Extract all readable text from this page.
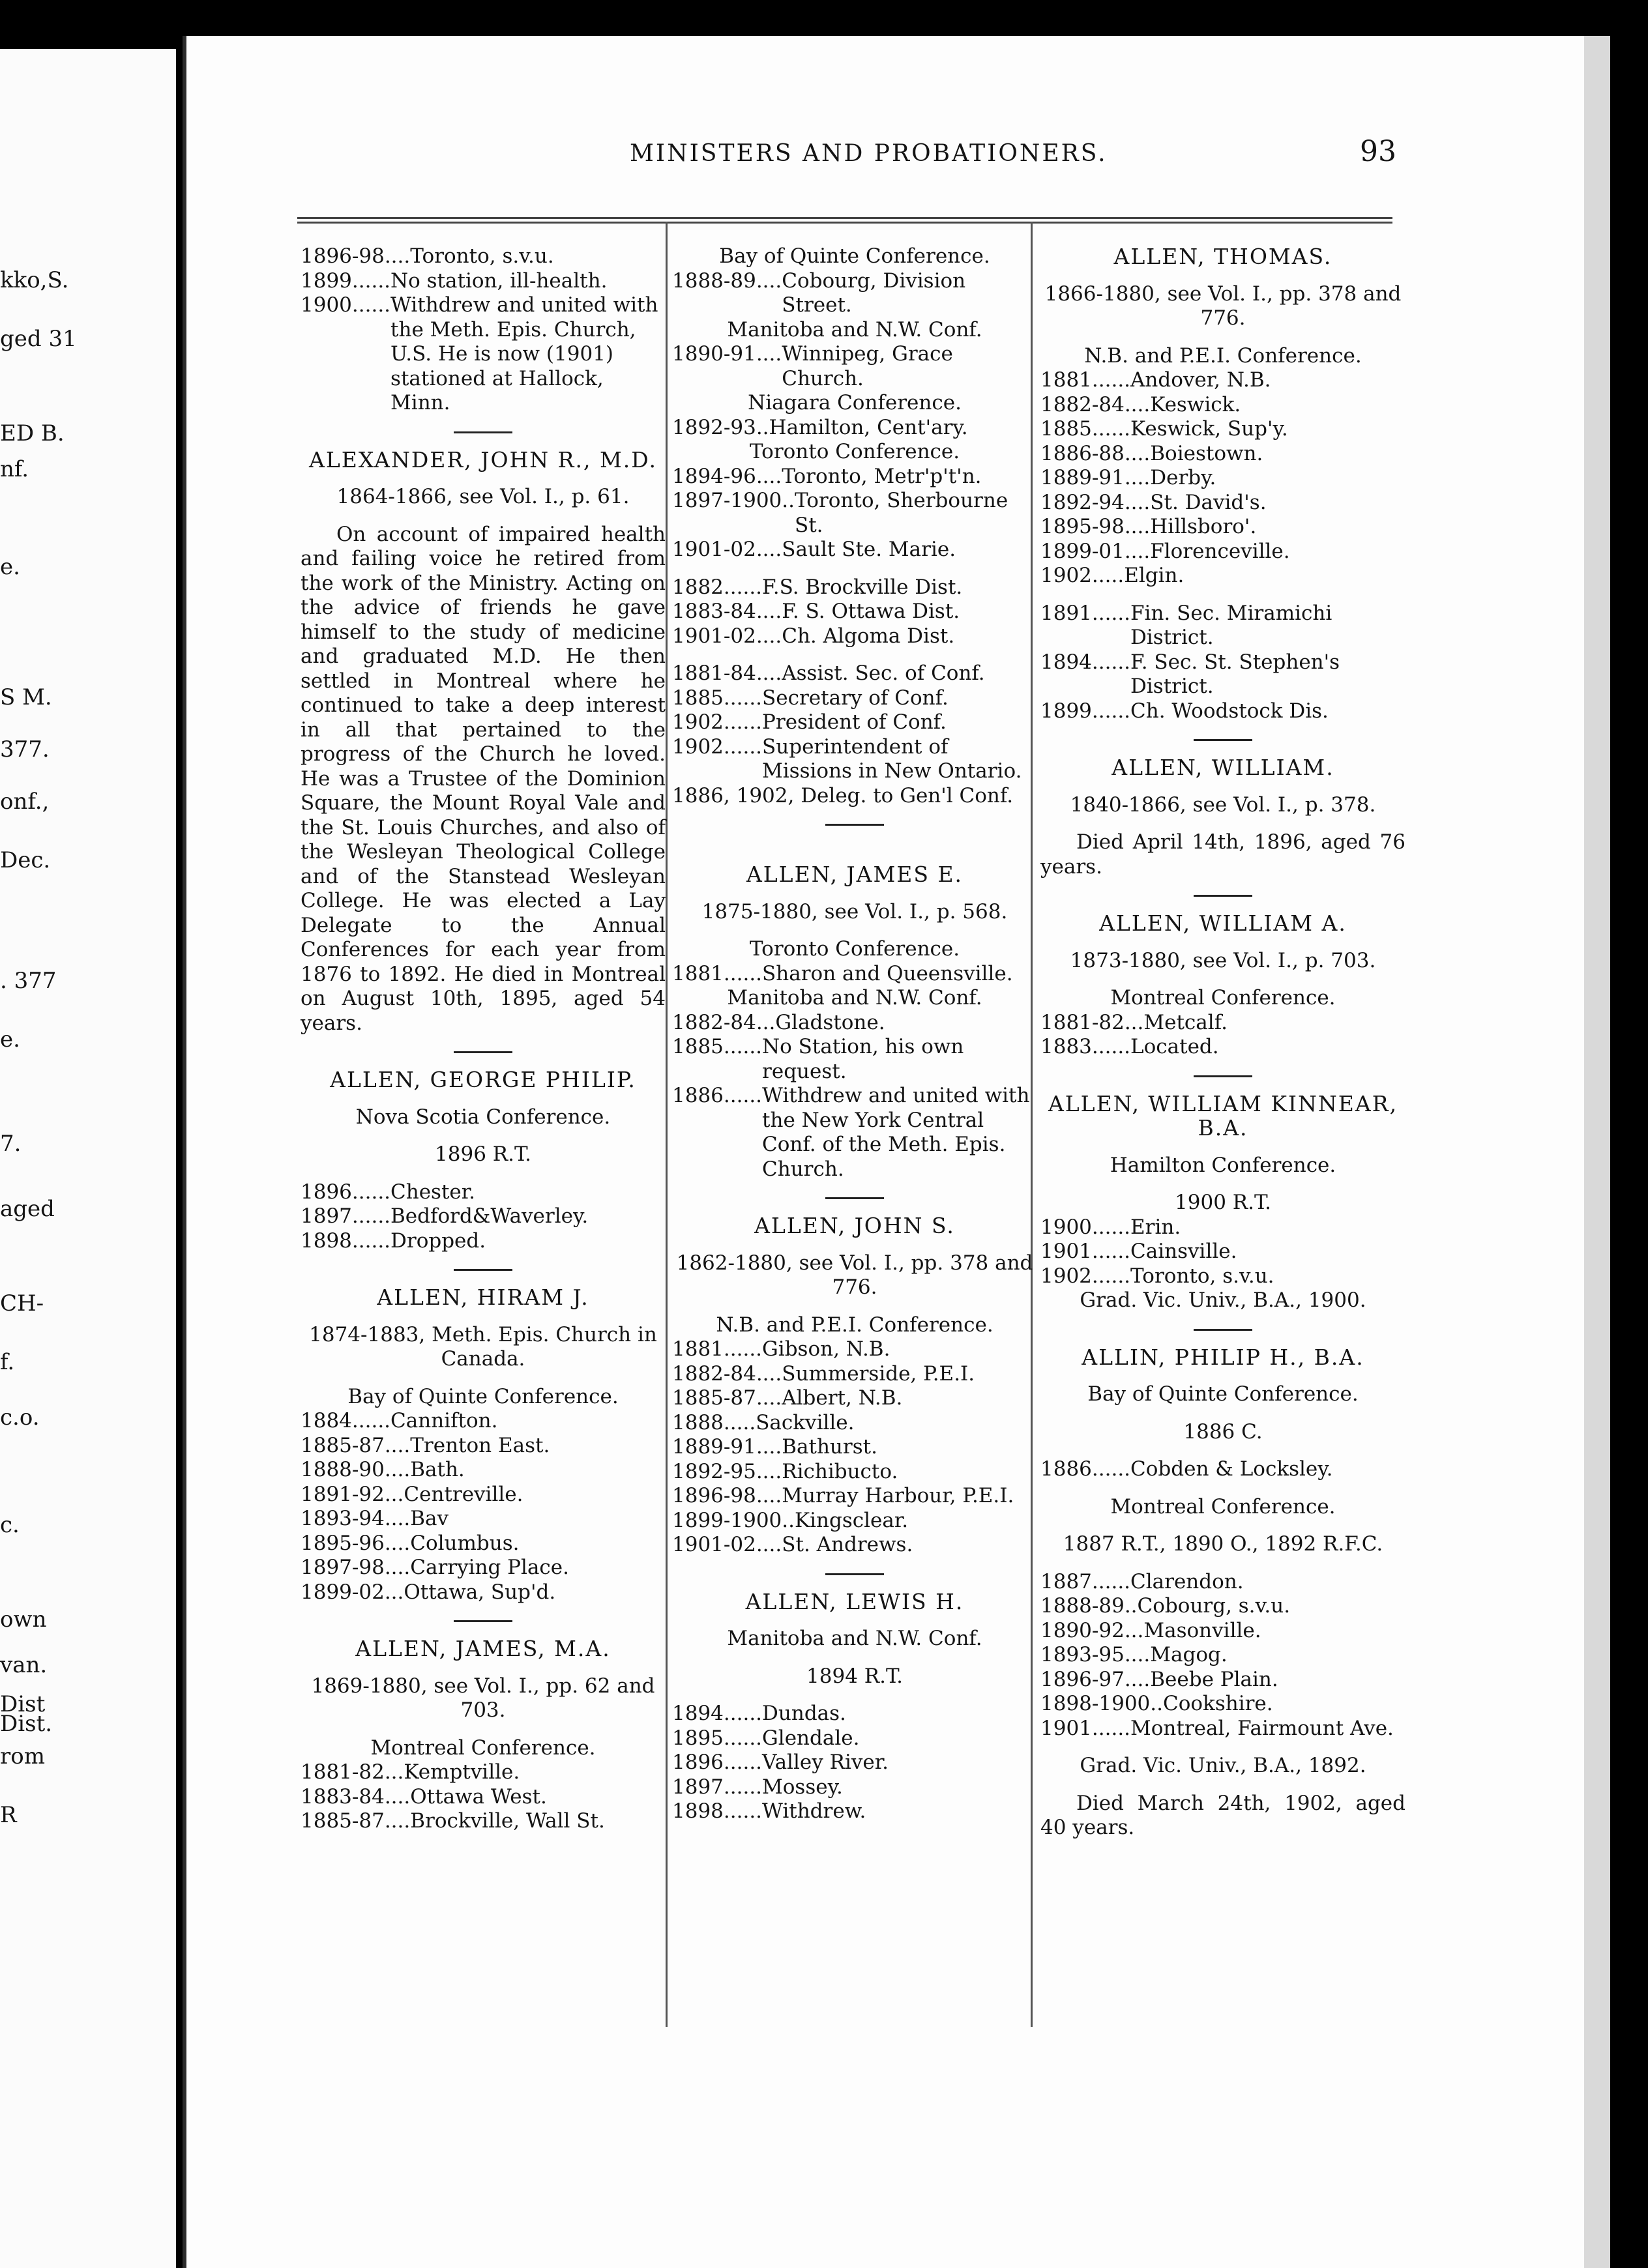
kko,S.
ged 31
ED B.
nf.
e.
S M.
377.
onf.,
Dec.
. 377
e.
7.
aged
CH-
f.
c.o.
c.
own
van.
Dist
Dist.
rom
R
MINISTERS AND PROBATIONERS.	93
1896-98 .... Toronto, s.v.u.
1899 ...... No station, ill-health.
1900 ...... Withdrew and united with the Meth. Epis. Church, U.S. He is now (1901) stationed at Hallock, Minn.
ALEXANDER, JOHN R., M.D.
1864-1866, see Vol. I., p. 61.
On account of impaired health and failing voice he retired from the work of the Ministry. Acting on the advice of friends he gave himself to the study of medicine and graduated M.D. He then settled in Montreal where he continued to take a deep interest in all that pertained to the progress of the Church he loved. He was a Trustee of the Dominion Square, the Mount Royal Vale and the St. Louis Churches, and also of the Wesleyan Theological College and of the Stanstead Wesleyan College. He was elected a Lay Delegate to the Annual Conferences for each year from 1876 to 1892. He died in Montreal on August 10th, 1895, aged 54 years.
ALLEN, GEORGE PHILIP.
Nova Scotia Conference.
1896 R.T.
1896 ...... Chester.
1897 ...... Bedford&Waverley.
1898 ...... Dropped.
ALLEN, HIRAM J.
1874-1883, Meth. Epis. Church in Canada.
Bay of Quinte Conference.
1884 ...... Cannifton.
1885-87 .... Trenton East.
1888-90 .... Bath.
1891-92 ... Centreville.
1893-94 .... Bav
1895-96 .... Columbus.
1897-98 .... Carrying Place.
1899-02 ... Ottawa, Sup'd.
ALLEN, JAMES, M.A.
1869-1880, see Vol. I., pp. 62 and 703.
Montreal Conference.
1881-82 ... Kemptville.
1883-84 .... Ottawa West.
1885-87 .... Brockville, Wall St.
Bay of Quinte Conference.
1888-89 .... Cobourg, Division Street.
Manitoba and N.W. Conf.
1890-91 .... Winnipeg, Grace Church.
Niagara Conference.
1892-93 .. Hamilton, Cent'ary.
Toronto Conference.
1894-96 .... Toronto, Metr'p't'n.
1897-1900 .. Toronto, Sherbourne St.
1901-02 .... Sault Ste. Marie.
1882 ...... F.S. Brockville Dist.
1883-84 .... F. S. Ottawa Dist.
1901-02 .... Ch. Algoma Dist.
1881-84 .... Assist. Sec. of Conf.
1885 ...... Secretary of Conf.
1902 ...... President of Conf.
1902 ...... Superintendent of Missions in New Ontario.
1886, 1902, Deleg. to Gen'l Conf.
ALLEN, JAMES E.
1875-1880, see Vol. I., p. 568.
Toronto Conference.
1881 ...... Sharon and Queensville.
Manitoba and N.W. Conf.
1882-84 ... Gladstone.
1885 ...... No Station, his own request.
1886 ...... Withdrew and united with the New York Central Conf. of the Meth. Epis. Church.
ALLEN, JOHN S.
1862-1880, see Vol. I., pp. 378 and 776.
N.B. and P.E.I. Conference.
1881 ...... Gibson, N.B.
1882-84 .... Summerside, P.E.I.
1885-87 .... Albert, N.B.
1888 ..... Sackville.
1889-91 .... Bathurst.
1892-95 .... Richibucto.
1896-98 .... Murray Harbour, P.E.I.
1899-1900 .. Kingsclear.
1901-02 .... St. Andrews.
ALLEN, LEWIS H.
Manitoba and N.W. Conf.
1894 R.T.
1894 ...... Dundas.
1895 ...... Glendale.
1896 ...... Valley River.
1897 ...... Mossey.
1898 ...... Withdrew.
ALLEN, THOMAS.
1866-1880, see Vol. I., pp. 378 and 776.
N.B. and P.E.I. Conference.
1881 ...... Andover, N.B.
1882-84 .... Keswick.
1885 ...... Keswick, Sup'y.
1886-88 .... Boiestown.
1889-91 .... Derby.
1892-94 .... St. David's.
1895-98 .... Hillsboro'.
1899-01 .... Florenceville.
1902 ..... Elgin.
1891 ...... Fin. Sec. Miramichi District.
1894 ...... F. Sec. St. Stephen's District.
1899 ...... Ch. Woodstock Dis.
ALLEN, WILLIAM.
1840-1866, see Vol. I., p. 378.
Died April 14th, 1896, aged 76 years.
ALLEN, WILLIAM A.
1873-1880, see Vol. I., p. 703.
Montreal Conference.
1881-82 ... Metcalf.
1883 ...... Located.
ALLEN, WILLIAM KINNEAR, B.A.
Hamilton Conference.
1900 R.T.
1900 ...... Erin.
1901 ...... Cainsville.
1902 ...... Toronto, s.v.u.
Grad. Vic. Univ., B.A., 1900.
ALLIN, PHILIP H., B.A.
Bay of Quinte Conference.
1886 C.
1886 ...... Cobden & Locksley.
Montreal Conference.
1887 R.T., 1890 O., 1892 R.F.C.
1887 ...... Clarendon.
1888-89 .. Cobourg, s.v.u.
1890-92 ... Masonville.
1893-95 .... Magog.
1896-97 .... Beebe Plain.
1898-1900 .. Cookshire.
1901 ...... Montreal, Fairmount Ave.
Grad. Vic. Univ., B.A., 1892.
Died March 24th, 1902, aged 40 years.
